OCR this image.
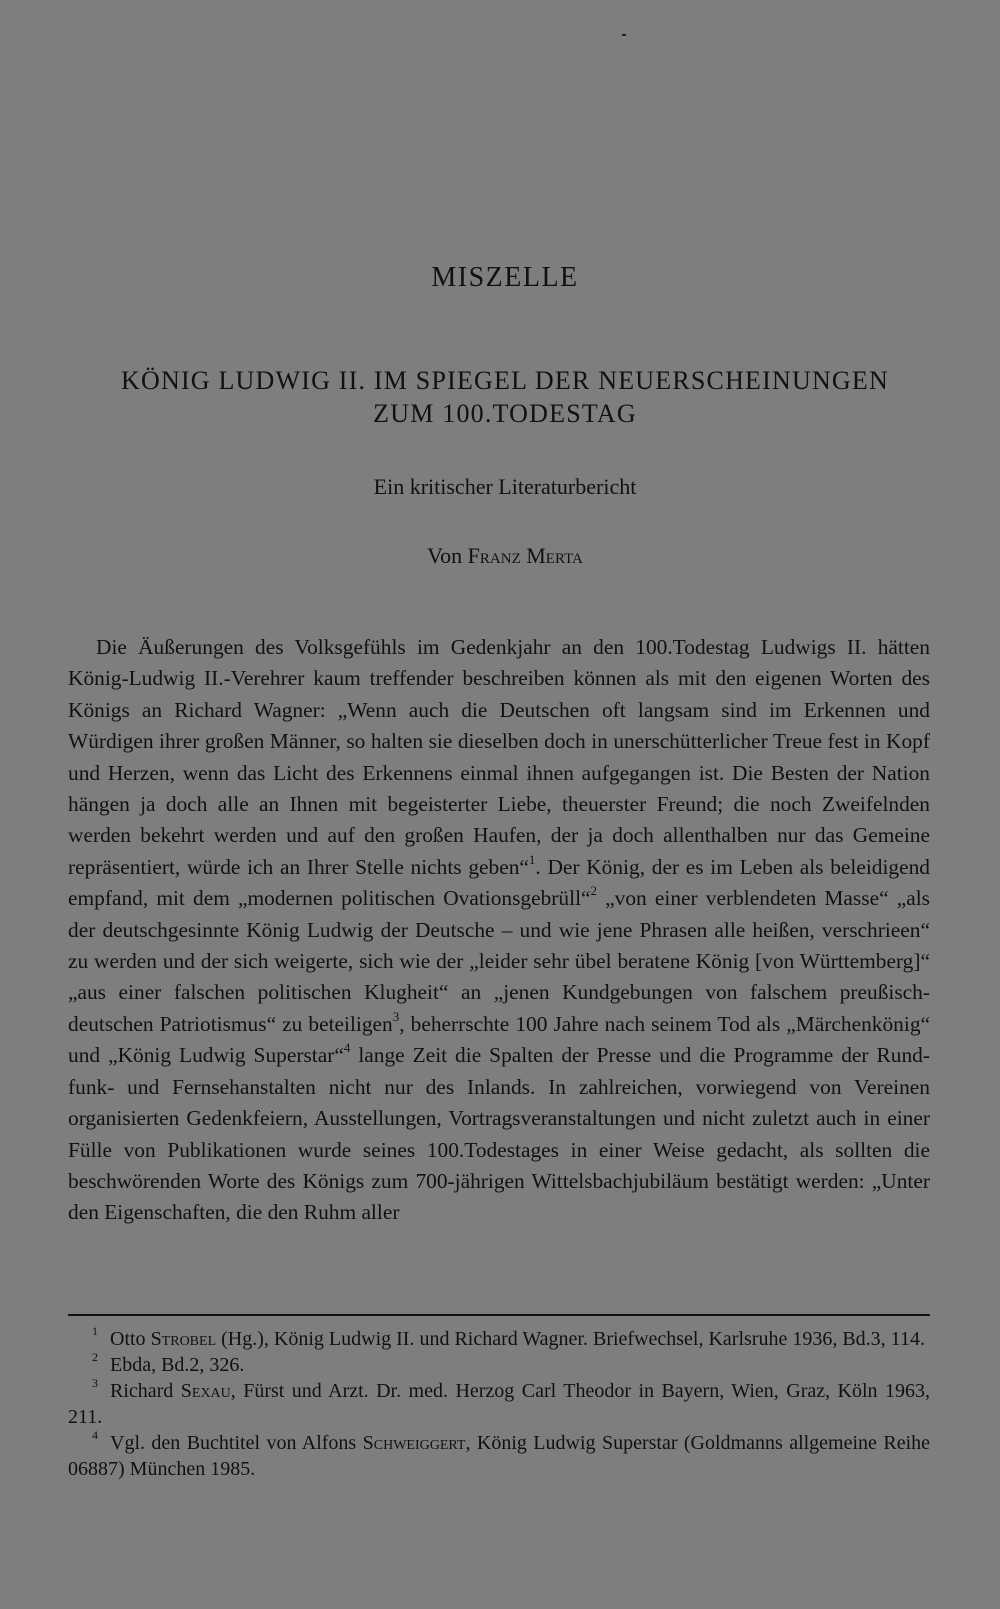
MISZELLE
KÖNIG LUDWIG II. IM SPIEGEL DER NEUERSCHEINUNGEN
ZUM 100.TODESTAG
Ein kritischer Literaturbericht
Von Franz Merta

Die Äußerungen des Volksgefühls im Gedenkjahr an den 100.Todestag Ludwigs II. hätten König-Ludwig II.-Verehrer kaum treffender beschreiben können als mit den eigenen Worten des Königs an Richard Wagner: „Wenn auch die Deutschen oft langsam sind im Erkennen und Würdigen ihrer großen Männer, so halten sie dieselben doch in unerschütterlicher Treue fest in Kopf und Herzen, wenn das Licht des Erkennens einmal ihnen aufgegangen ist. Die Besten der Nation hängen ja doch alle an Ihnen mit begeisterter Liebe, theuerster Freund; die noch Zweifelnden werden bekehrt werden und auf den großen Haufen, der ja doch allenthalben nur das Gemeine repräsentiert, würde ich an Ihrer Stelle nichts geben“$^1$. Der König, der es im Leben als beleidigend empfand, mit dem „modernen politischen Ovationsgebrüll“$^2$ „von einer verblendeten Masse“ „als der deutschgesinnte König Ludwig der Deutsche – und wie jene Phrasen alle heißen, verschrieen“ zu werden und der sich weigerte, sich wie der „leider sehr übel beratene König [von Württemberg]“ „aus einer falschen politischen Klugheit“ an „jenen Kundgebungen von falschem preußisch-deutschen Patriotismus“ zu beteiligen$^3$, beherrschte 100 Jahre nach seinem Tod als „Märchenkönig“ und „König Ludwig Superstar“$^4$ lange Zeit die Spalten der Presse und die Programme der Rundfunk- und Fernsehanstalten nicht nur des Inlands. In zahlreichen, vorwiegend von Vereinen organisierten Gedenkfeiern, Ausstellungen, Vortragsveranstaltungen und nicht zuletzt auch in einer Fülle von Publikationen wurde seines 100.Todestages in einer Weise gedacht, als sollten die beschwörenden Worte des Königs zum 700-jährigen Wittelsbachjubiläum bestätigt werden: „Unter den Eigenschaften, die den Ruhm aller

$^1$ Otto Strobel (Hg.), König Ludwig II. und Richard Wagner. Briefwechsel, Karlsruhe 1936, Bd.3, 114.

$^2$ Ebda, Bd.2, 326.

$^3$ Richard Sexau, Fürst und Arzt. Dr. med. Herzog Carl Theodor in Bayern, Wien, Graz, Köln 1963, 211.

$^4$ Vgl. den Buchtitel von Alfons Schweiggert, König Ludwig Superstar (Goldmanns allgemeine Reihe 06887) München 1985.
